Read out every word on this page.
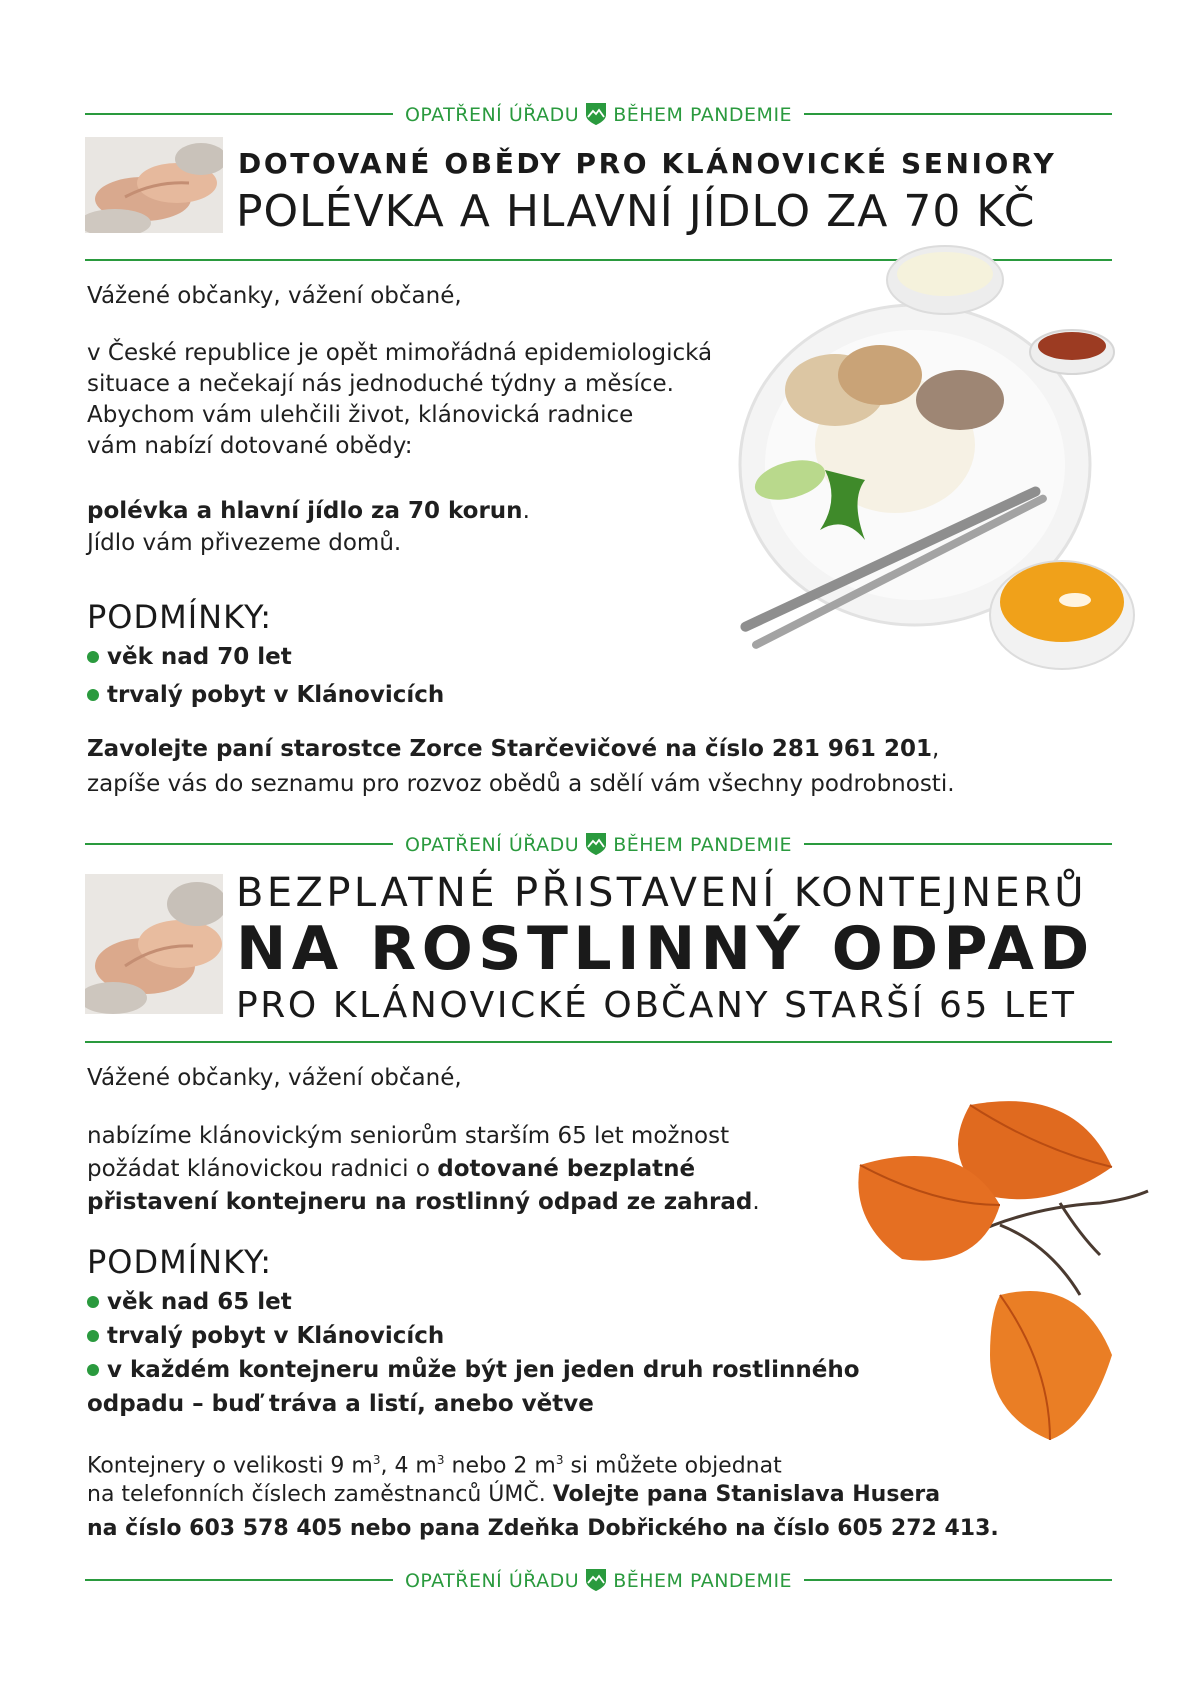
OPATŘENÍ ÚŘADU BĚHEM PANDEMIE
DOTOVANÉ OBĚDY PRO KLÁNOVICKÉ SENIORY
POLÉVKA A HLAVNÍ JÍDLO ZA 70 KČ
Vážené občanky, vážení občané,
v České republice je opět mimořádná epidemiologická
situace a nečekají nás jednoduché týdny a měsíce.
Abychom vám ulehčili život, klánovická radnice
vám nabízí dotované obědy:
polévka a hlavní jídlo za 70 korun.
Jídlo vám přivezeme domů.
PODMÍNKY:
věk nad 70 let
trvalý pobyt v Klánovicích
Zavolejte paní starostce Zorce Starčevičové na číslo 281 961 201,
zapíše vás do seznamu pro rozvoz obědů a sdělí vám všechny podrobnosti.
OPATŘENÍ ÚŘADU BĚHEM PANDEMIE
BEZPLATNÉ PŘISTAVENÍ KONTEJNERŮ
NA ROSTLINNÝ ODPAD
PRO KLÁNOVICKÉ OBČANY STARŠÍ 65 LET
Vážené občanky, vážení občané,
nabízíme klánovickým seniorům starším 65 let možnost
požádat klánovickou radnici o dotované bezplatné
přistavení kontejneru na rostlinný odpad ze zahrad.
PODMÍNKY:
věk nad 65 let
trvalý pobyt v Klánovicích
v každém kontejneru může být jen jeden druh rostlinného
odpadu – buď tráva a listí, anebo větve
Kontejnery o velikosti 9 $m^3$, 4 $m^3$ nebo 2 $m^3$ si můžete objednat
na telefonních číslech zaměstnanců ÚMČ. Volejte pana Stanislava Husera
na číslo 603 578 405 nebo pana Zdeňka Dobřického na číslo 605 272 413.
OPATŘENÍ ÚŘADU BĚHEM PANDEMIE
